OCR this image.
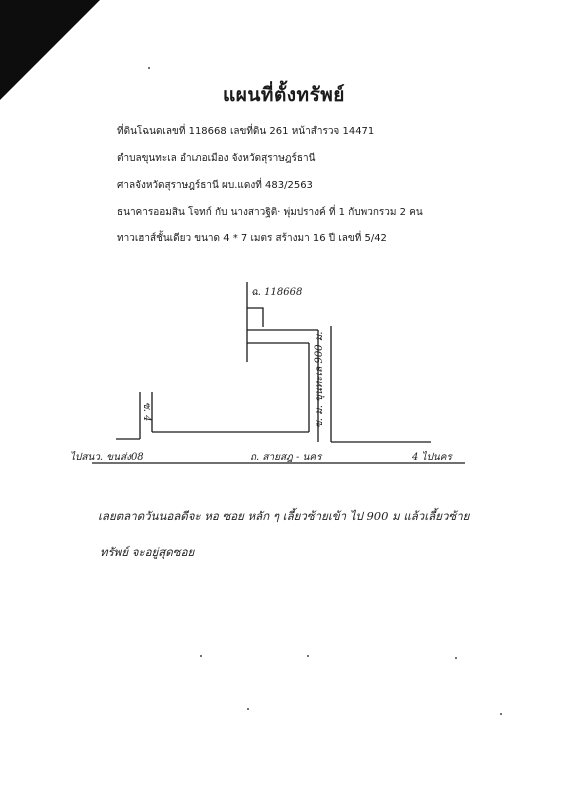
แผนที่ตั้งทรัพย์
ที่ดินโฉนดเลขที่ 118668 เลขที่ดิน 261 หน้าสำรวจ 14471
ตำบลขุนทะเล อำเภอเมือง จังหวัดสุราษฎร์ธานี
ศาลจังหวัดสุราษฎร์ธานี ผบ.แดงที่ 483/2563
ธนาคารออมสิน โจทก์ กับ นางสาวฐิติ· พุ่มปรางค์ ที่ 1 กับพวกรวม 2 คน
ทาวเฮาส์ชั้นเดียว ขนาด 4 * 7 เมตร สร้างมา 16 ปี เลขที่ 5/42
ฉ. 118668
ซ. 4	ซ. ม. ขุนทะเล 900 ม.
ไปสนว. ขนส่ง08	ถ. สายสฎ - นคร	4 ไปนคร
เลยตลาดวันนอลดีจะ หอ ซอย หลัก ๆ เลี้ยวซ้ายเข้า ไป 900 ม แล้วเลี้ยวซ้าย
ทรัพย์ จะอยู่สุดซอย
